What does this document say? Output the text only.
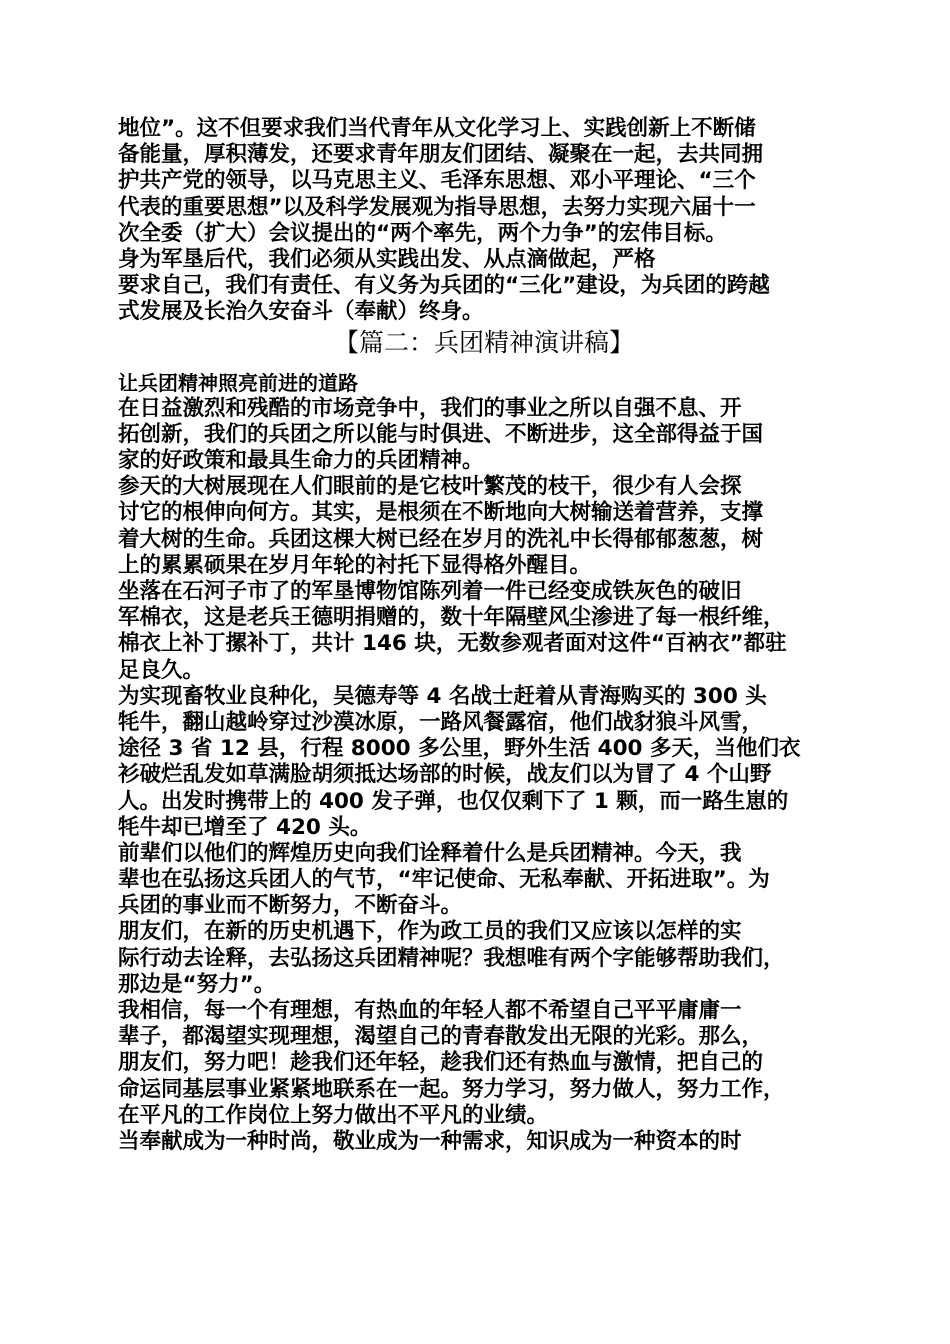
地位”。这不但要求我们当代青年从文化学习上、实践创新上不断储
备能量，厚积薄发，还要求青年朋友们团结、凝聚在一起，去共同拥
护共产党的领导，以马克思主义、毛泽东思想、邓小平理论、“三个
代表的重要思想”以及科学发展观为指导思想，去努力实现六届十一
次全委（扩大）会议提出的“两个率先，两个力争”的宏伟目标。
身为军垦后代，我们必须从实践出发、从点滴做起，严格
要求自己，我们有责任、有义务为兵团的“三化”建设，为兵团的跨越
式发展及长治久安奋斗（奉献）终身。
【篇二：兵团精神演讲稿】
让兵团精神照亮前进的道路
在日益激烈和残酷的市场竞争中，我们的事业之所以自强不息、开
拓创新，我们的兵团之所以能与时俱进、不断进步，这全部得益于国
家的好政策和最具生命力的兵团精神。
参天的大树展现在人们眼前的是它枝叶繁茂的枝干，很少有人会探
讨它的根伸向何方。其实，是根须在不断地向大树输送着营养，支撑
着大树的生命。兵团这棵大树已经在岁月的洗礼中长得郁郁葱葱，树
上的累累硕果在岁月年轮的衬托下显得格外醒目。
坐落在石河子市了的军垦博物馆陈列着一件已经变成铁灰色的破旧
军棉衣，这是老兵王德明捐赠的，数十年隔壁风尘渗进了每一根纤维，
棉衣上补丁摞补丁，共计 146 块，无数参观者面对这件“百衲衣”都驻
足良久。
为实现畜牧业良种化，吴德寿等 4 名战士赶着从青海购买的 300 头
牦牛，翻山越岭穿过沙漠冰原，一路风餐露宿，他们战豺狼斗风雪，
途径 3 省 12 县，行程 8000 多公里，野外生活 400 多天，当他们衣
衫破烂乱发如草满脸胡须抵达场部的时候，战友们以为冒了 4 个山野
人。出发时携带上的 400 发子弹，也仅仅剩下了 1 颗，而一路生崽的
牦牛却已增至了 420 头。
前辈们以他们的辉煌历史向我们诠释着什么是兵团精神。今天，我
辈也在弘扬这兵团人的气节，“牢记使命、无私奉献、开拓进取”。为
兵团的事业而不断努力，不断奋斗。
朋友们，在新的历史机遇下，作为政工员的我们又应该以怎样的实
际行动去诠释，去弘扬这兵团精神呢？我想唯有两个字能够帮助我们，
那边是“努力”。
我相信，每一个有理想，有热血的年轻人都不希望自己平平庸庸一
辈子，都渴望实现理想，渴望自己的青春散发出无限的光彩。那么，
朋友们，努力吧！趁我们还年轻，趁我们还有热血与激情，把自己的
命运同基层事业紧紧地联系在一起。努力学习，努力做人，努力工作，
在平凡的工作岗位上努力做出不平凡的业绩。
当奉献成为一种时尚，敬业成为一种需求，知识成为一种资本的时
